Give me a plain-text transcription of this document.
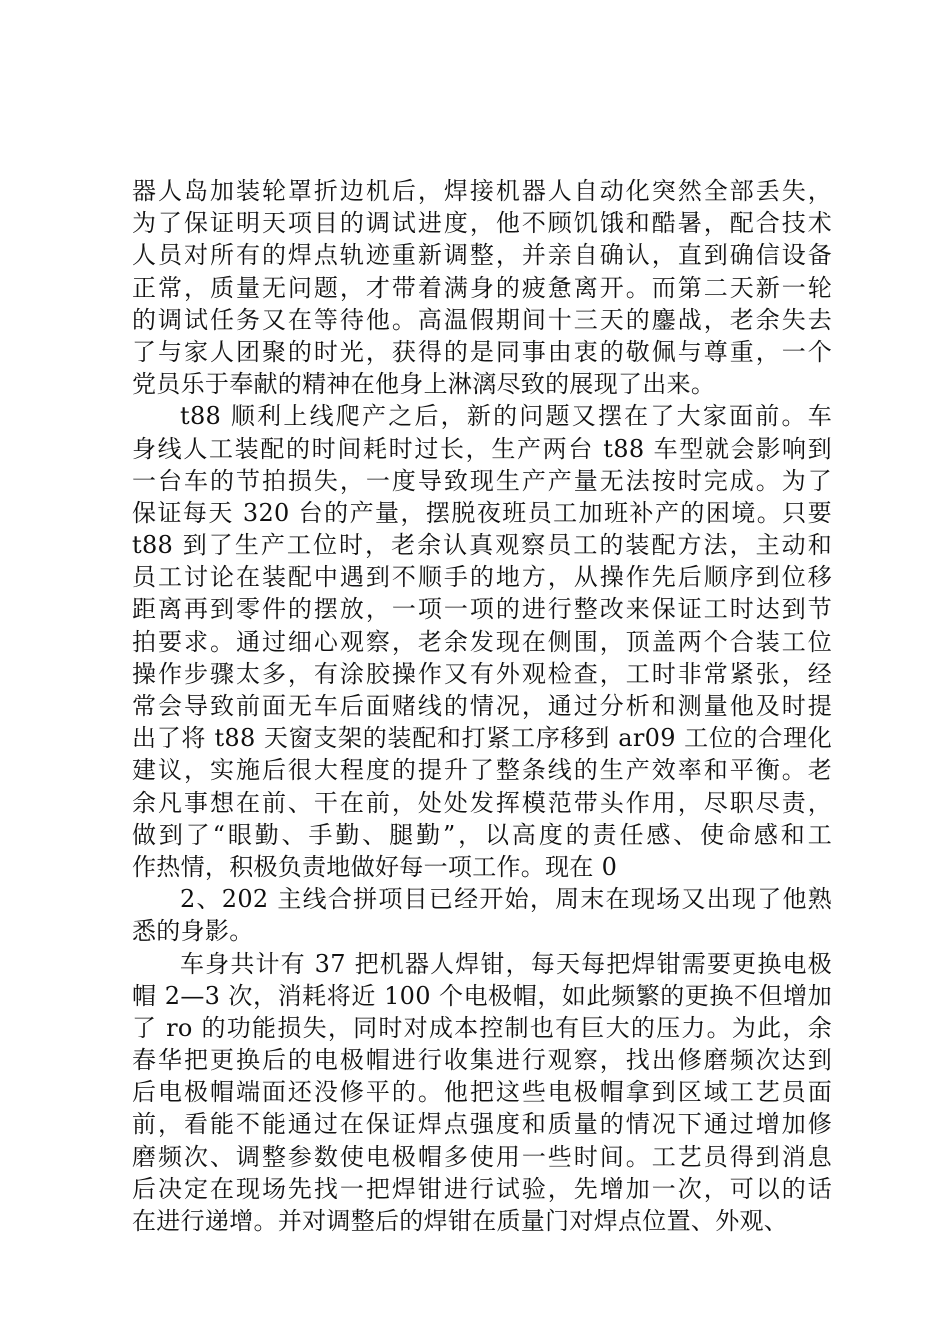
器人岛加装轮罩折边机后，焊接机器人自动化突然全部丢失，
为了保证明天项目的调试进度，他不顾饥饿和酷暑，配合技术
人员对所有的焊点轨迹重新调整，并亲自确认，直到确信设备
正常，质量无问题，才带着满身的疲惫离开。而第二天新一轮
的调试任务又在等待他。高温假期间十三天的鏖战，老余失去
了与家人团聚的时光，获得的是同事由衷的敬佩与尊重，一个
党员乐于奉献的精神在他身上淋漓尽致的展现了出来。
t88 顺利上线爬产之后，新的问题又摆在了大家面前。车
身线人工装配的时间耗时过长，生产两台 t88 车型就会影响到
一台车的节拍损失，一度导致现生产产量无法按时完成。为了
保证每天 320 台的产量，摆脱夜班员工加班补产的困境。只要
t88 到了生产工位时，老余认真观察员工的装配方法，主动和
员工讨论在装配中遇到不顺手的地方，从操作先后顺序到位移
距离再到零件的摆放，一项一项的进行整改来保证工时达到节
拍要求。通过细心观察，老余发现在侧围，顶盖两个合装工位
操作步骤太多，有涂胶操作又有外观检查，工时非常紧张，经
常会导致前面无车后面赌线的情况，通过分析和测量他及时提
出了将 t88 天窗支架的装配和打紧工序移到 ar09 工位的合理化
建议，实施后很大程度的提升了整条线的生产效率和平衡。老
余凡事想在前、干在前，处处发挥模范带头作用，尽职尽责，
做到了“眼勤、手勤、腿勤”，以高度的责任感、使命感和工
作热情，积极负责地做好每一项工作。现在 0
2、202 主线合拼项目已经开始，周末在现场又出现了他熟
悉的身影。
车身共计有 37 把机器人焊钳，每天每把焊钳需要更换电极
帽 2—3 次，消耗将近 100 个电极帽，如此频繁的更换不但增加
了 ro 的功能损失，同时对成本控制也有巨大的压力。为此，余
春华把更换后的电极帽进行收集进行观察，找出修磨频次达到
后电极帽端面还没修平的。他把这些电极帽拿到区域工艺员面
前，看能不能通过在保证焊点强度和质量的情况下通过增加修
磨频次、调整参数使电极帽多使用一些时间。工艺员得到消息
后决定在现场先找一把焊钳进行试验，先增加一次，可以的话
在进行递增。并对调整后的焊钳在质量门对焊点位置、外观、
